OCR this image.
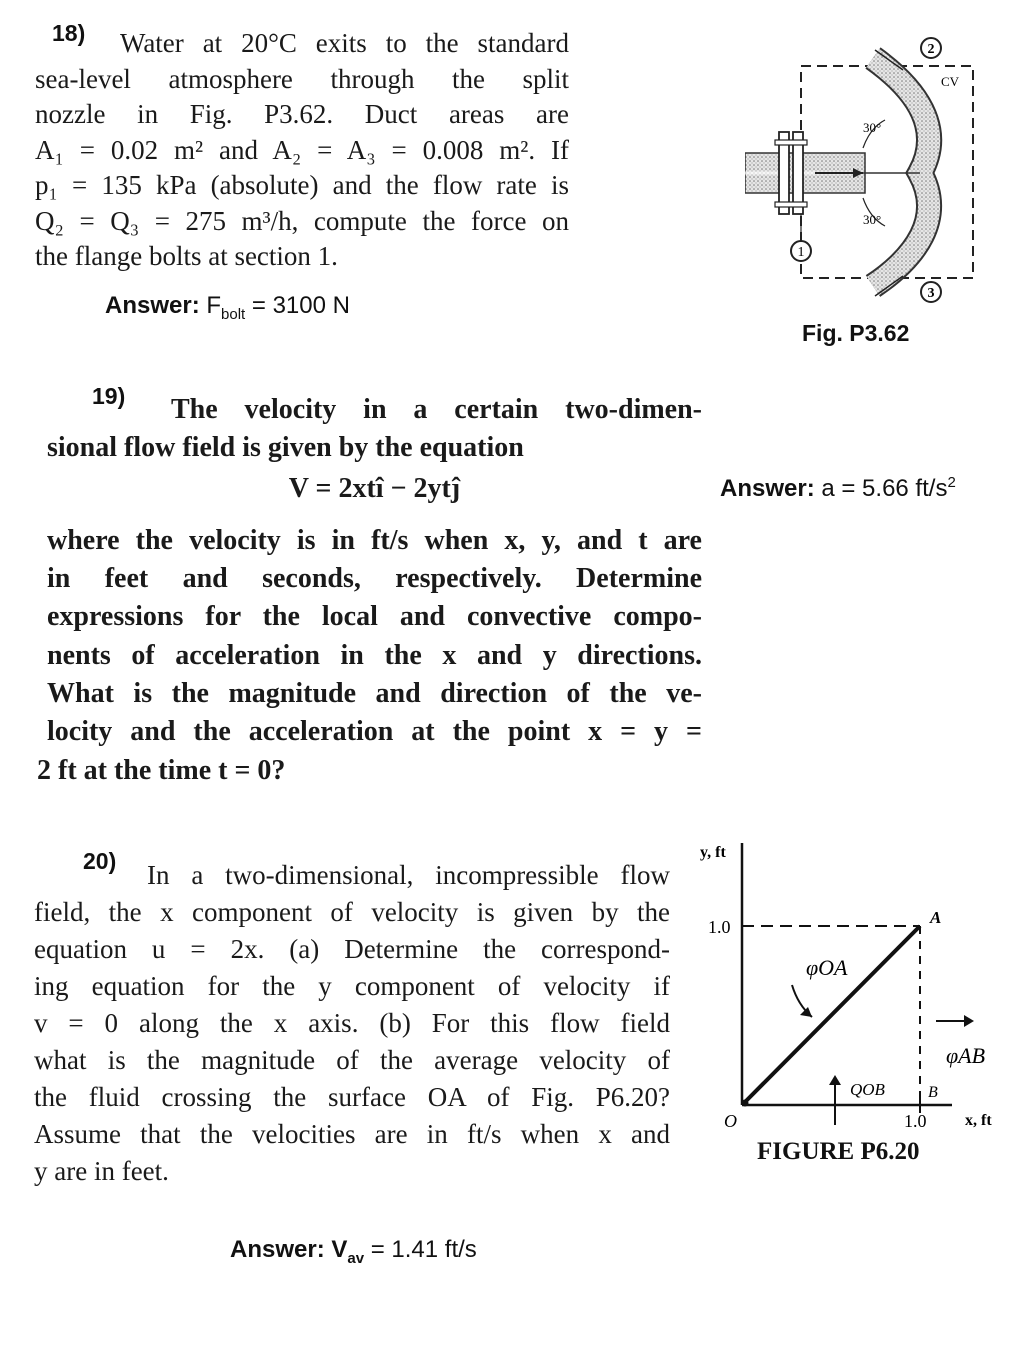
18)	Water at 20°C exits to the standard
sea-level atmosphere through the split
nozzle in Fig. P3.62. Duct areas are
A₁ = 0.02 m² and A₂ = A₃ = 0.008 m². If
p₁ = 135 kPa (absolute) and the flow rate is
Q₂ = Q₃ = 275 m³/h, compute the force on
the flange bolts at section 1.
Answer: $F_{bolt} = 3100$ N
30°
30°
CV
2
3
1
Fig. P3.62
19)	The velocity in a certain two-dimen-
sional flow field is given by the equation
V = 2xtî − 2ytĵ
where the velocity is in ft/s when x, y, and t are
in feet and seconds, respectively. Determine
expressions for the local and convective compo-
nents of acceleration in the x and y directions.
What is the magnitude and direction of the ve-
locity and the acceleration at the point x = y =
2 ft at the time t = 0?
Answer: a = 5.66 $ft/s^2$
20)	In a two-dimensional, incompressible flow
field, the x component of velocity is given by the
equation u = 2x. (a) Determine the correspond-
ing equation for the y component of velocity if
v = 0 along the x axis. (b) For this flow field
what is the magnitude of the average velocity of
the fluid crossing the surface OA of Fig. P6.20?
Assume that the velocities are in ft/s when x and
y are in feet.
Answer: $V_{av} = 1.41$ ft/s
y, ft
x, ft
1.0
1.0
O
A
B
φOA
QOB
φAB
FIGURE P6.20
